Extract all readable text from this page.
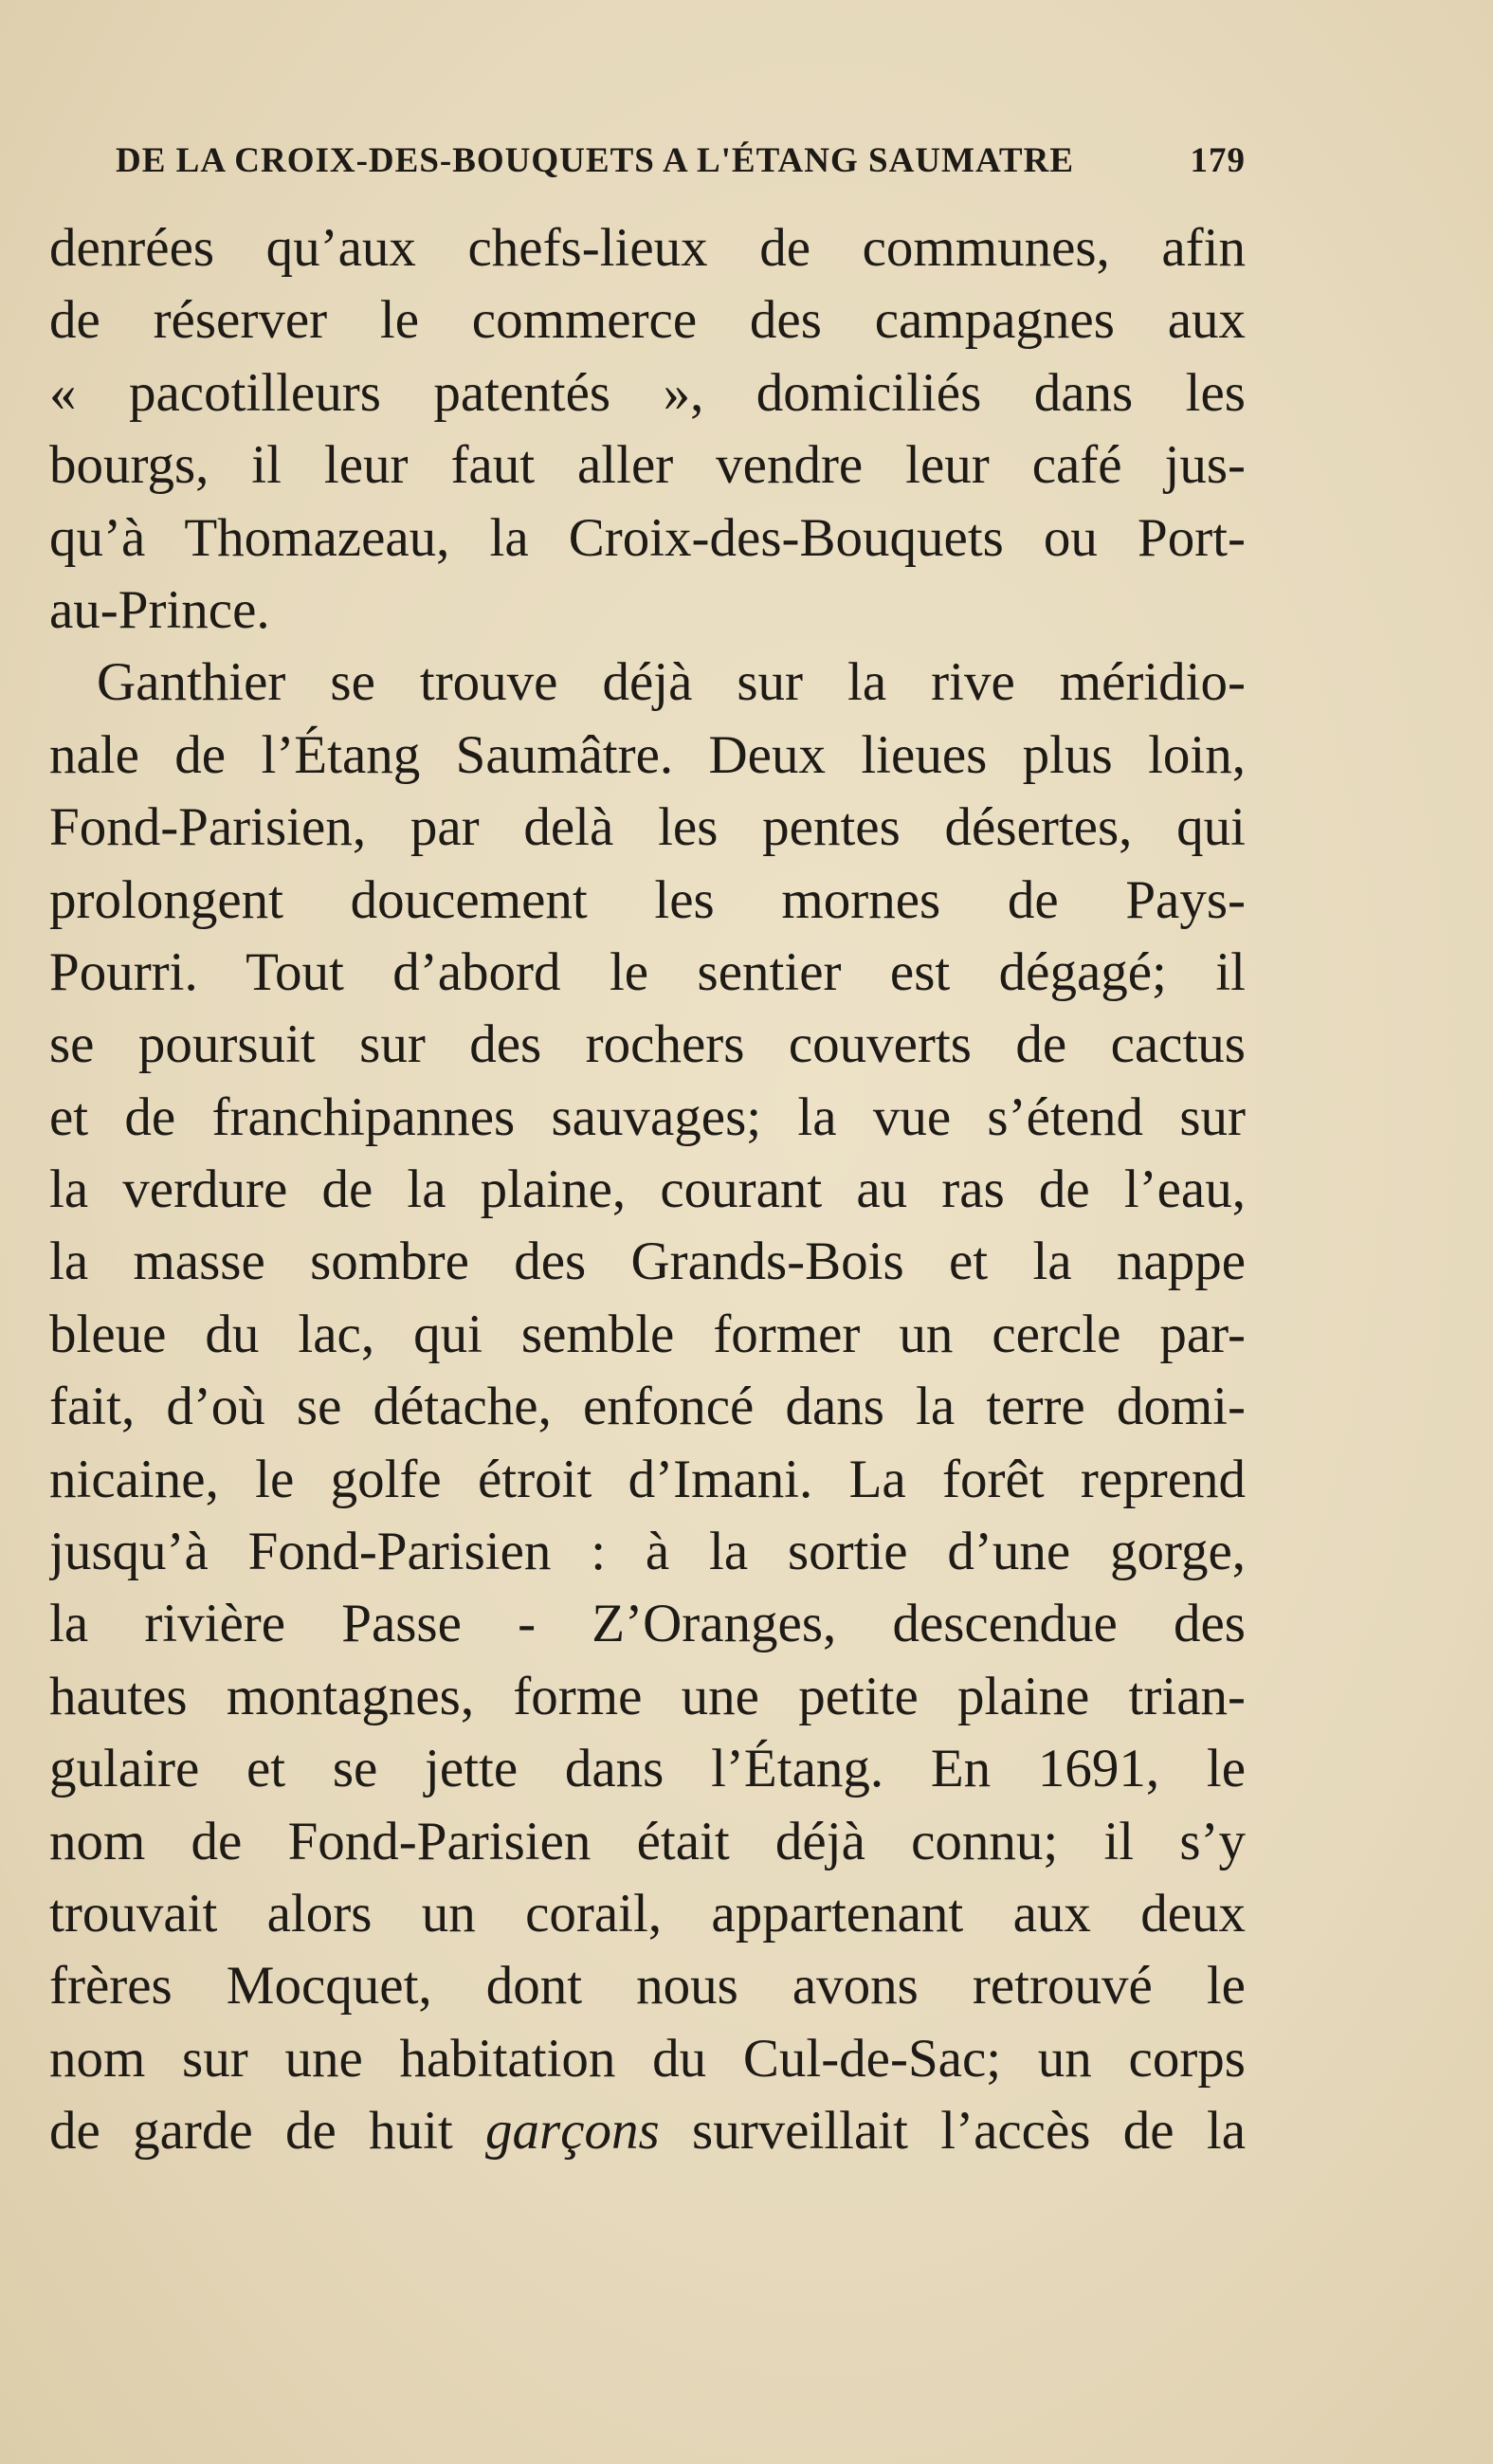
DE LA CROIX-DES-BOUQUETS A L'ÉTANG SAUMATRE	179
denrées qu’aux chefs-lieux de communes, afin
de réserver le commerce des campagnes aux
« pacotilleurs patentés », domiciliés dans les
bourgs, il leur faut aller vendre leur café jus-
qu’à Thomazeau, la Croix-des-Bouquets ou Port-
au-Prince.
Ganthier se trouve déjà sur la rive méridio-
nale de l’Étang Saumâtre. Deux lieues plus loin,
Fond-Parisien, par delà les pentes désertes, qui
prolongent doucement les mornes de Pays-
Pourri. Tout d’abord le sentier est dégagé; il
se poursuit sur des rochers couverts de cactus
et de franchipannes sauvages; la vue s’étend sur
la verdure de la plaine, courant au ras de l’eau,
la masse sombre des Grands-Bois et la nappe
bleue du lac, qui semble former un cercle par-
fait, d’où se détache, enfoncé dans la terre domi-
nicaine, le golfe étroit d’Imani. La forêt reprend
jusqu’à Fond-Parisien : à la sortie d’une gorge,
la rivière Passe - Z’Oranges, descendue des
hautes montagnes, forme une petite plaine trian-
gulaire et se jette dans l’Étang. En 1691, le
nom de Fond-Parisien était déjà connu; il s’y
trouvait alors un corail, appartenant aux deux
frères Mocquet, dont nous avons retrouvé le
nom sur une habitation du Cul-de-Sac; un corps
de garde de huit garçons surveillait l’accès de la
